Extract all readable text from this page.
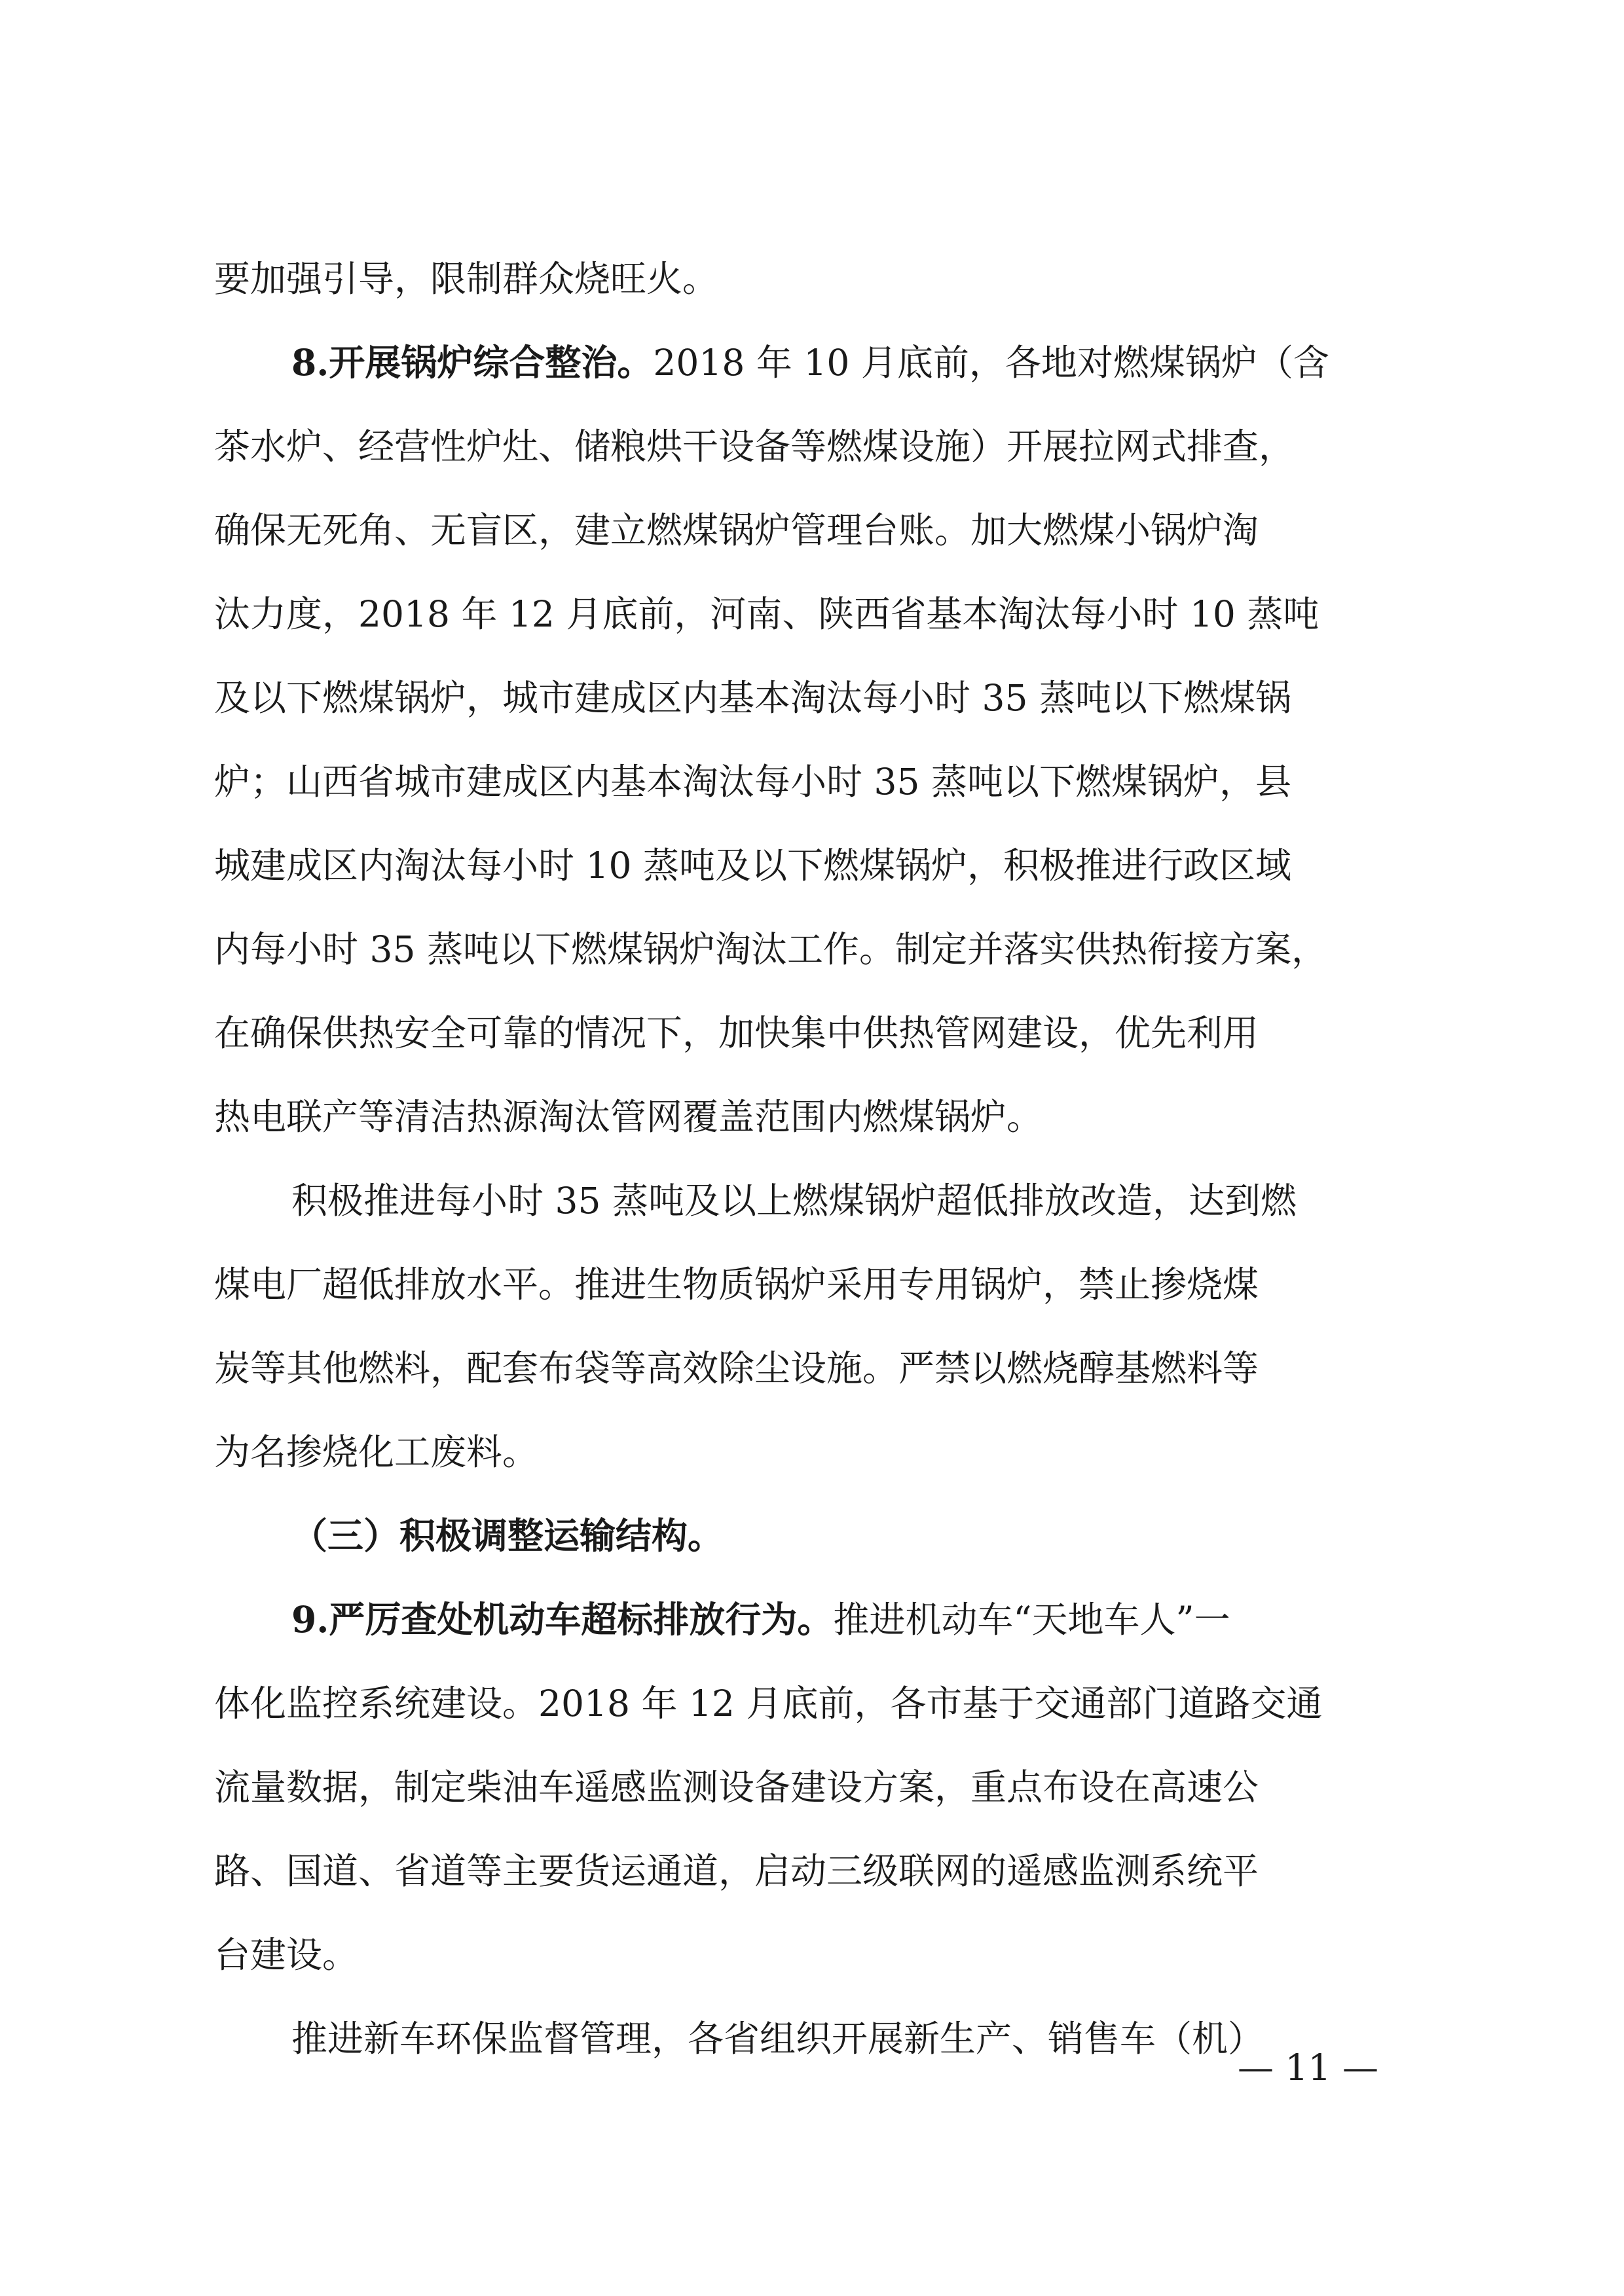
要加强引导，限制群众烧旺火。
8.开展锅炉综合整治。2018 年 10 月底前，各地对燃煤锅炉（含
茶水炉、经营性炉灶、储粮烘干设备等燃煤设施）开展拉网式排查，
确保无死角、无盲区，建立燃煤锅炉管理台账。加大燃煤小锅炉淘
汰力度，2018 年 12 月底前，河南、陕西省基本淘汰每小时 10 蒸吨
及以下燃煤锅炉，城市建成区内基本淘汰每小时 35 蒸吨以下燃煤锅
炉；山西省城市建成区内基本淘汰每小时 35 蒸吨以下燃煤锅炉，县
城建成区内淘汰每小时 10 蒸吨及以下燃煤锅炉，积极推进行政区域
内每小时 35 蒸吨以下燃煤锅炉淘汰工作。制定并落实供热衔接方案，
在确保供热安全可靠的情况下，加快集中供热管网建设，优先利用
热电联产等清洁热源淘汰管网覆盖范围内燃煤锅炉。
积极推进每小时 35 蒸吨及以上燃煤锅炉超低排放改造，达到燃
煤电厂超低排放水平。推进生物质锅炉采用专用锅炉，禁止掺烧煤
炭等其他燃料，配套布袋等高效除尘设施。严禁以燃烧醇基燃料等
为名掺烧化工废料。
（三）积极调整运输结构。
9.严厉查处机动车超标排放行为。推进机动车“天地车人”一
体化监控系统建设。2018 年 12 月底前，各市基于交通部门道路交通
流量数据，制定柴油车遥感监测设备建设方案，重点布设在高速公
路、国道、省道等主要货运通道，启动三级联网的遥感监测系统平
台建设。
推进新车环保监督管理，各省组织开展新生产、销售车（机）
— 11 —
